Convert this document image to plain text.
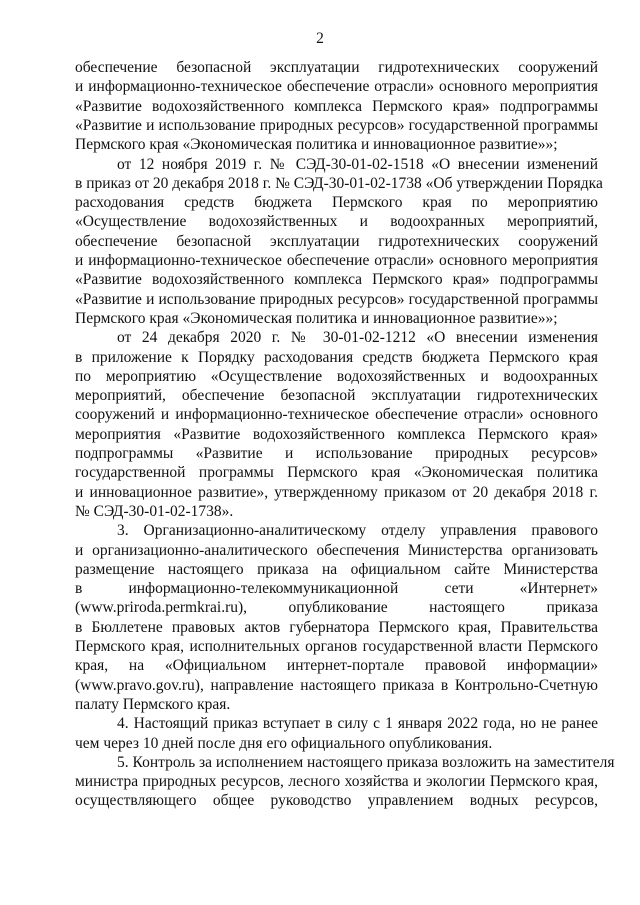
2
обеспечение безопасной эксплуатации гидротехнических сооружений
и информационно-техническое обеспечение отрасли» основного мероприятия
«Развитие водохозяйственного комплекса Пермского края» подпрограммы
«Развитие и использование природных ресурсов» государственной программы
Пермского края «Экономическая политика и инновационное развитие»»;
от 12 ноября 2019 г. № СЭД-30-01-02-1518 «О внесении изменений
в приказ от 20 декабря 2018 г. № СЭД-30-01-02-1738 «Об утверждении Порядка
расходования средств бюджета Пермского края по мероприятию
«Осуществление водохозяйственных и водоохранных мероприятий,
обеспечение безопасной эксплуатации гидротехнических сооружений
и информационно-техническое обеспечение отрасли» основного мероприятия
«Развитие водохозяйственного комплекса Пермского края» подпрограммы
«Развитие и использование природных ресурсов» государственной программы
Пермского края «Экономическая политика и инновационное развитие»»;
от 24 декабря 2020 г. № 30-01-02-1212 «О внесении изменения
в приложение к Порядку расходования средств бюджета Пермского края
по мероприятию «Осуществление водохозяйственных и водоохранных
мероприятий, обеспечение безопасной эксплуатации гидротехнических
сооружений и информационно-техническое обеспечение отрасли» основного
мероприятия «Развитие водохозяйственного комплекса Пермского края»
подпрограммы «Развитие и использование природных ресурсов»
государственной программы Пермского края «Экономическая политика
и инновационное развитие», утвержденному приказом от 20 декабря 2018 г.
№ СЭД-30-01-02-1738».
3. Организационно-аналитическому отделу управления правового
и организационно-аналитического обеспечения Министерства организовать
размещение настоящего приказа на официальном сайте Министерства
в информационно-телекоммуникационной сети «Интернет»
(www.priroda.permkrai.ru), опубликование настоящего приказа
в Бюллетене правовых актов губернатора Пермского края, Правительства
Пермского края, исполнительных органов государственной власти Пермского
края, на «Официальном интернет-портале правовой информации»
(www.pravo.gov.ru), направление настоящего приказа в Контрольно-Счетную
палату Пермского края.
4. Настоящий приказ вступает в силу с 1 января 2022 года, но не ранее
чем через 10 дней после дня его официального опубликования.
5. Контроль за исполнением настоящего приказа возложить на заместителя
министра природных ресурсов, лесного хозяйства и экологии Пермского края,
осуществляющего общее руководство управлением водных ресурсов,
